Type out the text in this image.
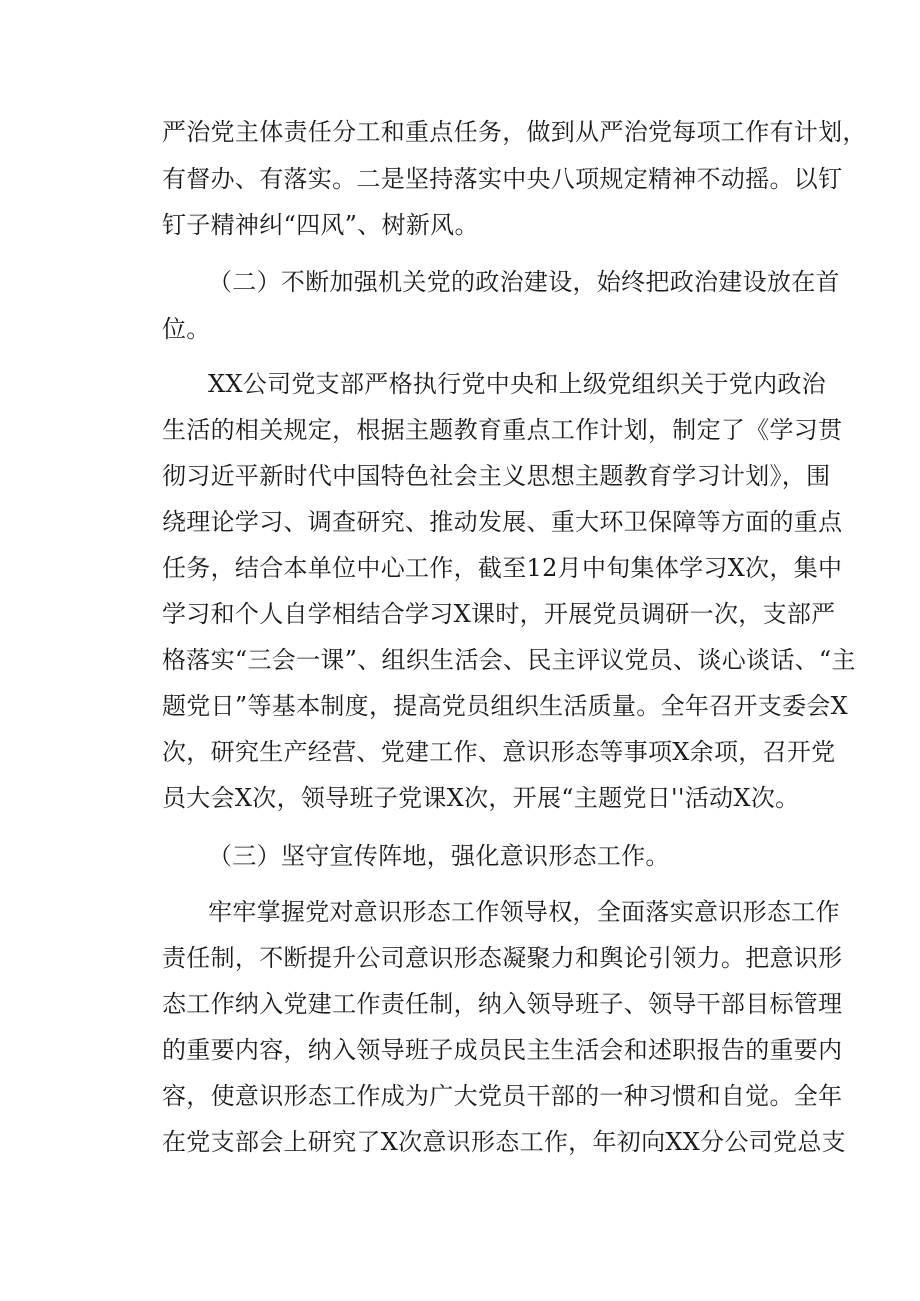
严治党主体责任分工和重点任务，做到从严治党每项工作有计划，
有督办、有落实。二是坚持落实中央八项规定精神不动摇。以钉
钉子精神纠“四风”、树新风。
（二）不断加强机关党的政治建设，始终把政治建设放在首
位。
XX公司党支部严格执行党中央和上级党组织关于党内政治
生活的相关规定，根据主题教育重点工作计划，制定了《学习贯
彻习近平新时代中国特色社会主义思想主题教育学习计划》，围
绕理论学习、调查研究、推动发展、重大环卫保障等方面的重点
任务，结合本单位中心工作，截至12月中旬集体学习X次，集中
学习和个人自学相结合学习X课时，开展党员调研一次，支部严
格落实“三会一课”、组织生活会、民主评议党员、谈心谈话、“主
题党日”等基本制度，提高党员组织生活质量。全年召开支委会X
次，研究生产经营、党建工作、意识形态等事项X余项，召开党
员大会X次，领导班子党课X次，开展“主题党日''活动X次。
（三）坚守宣传阵地，强化意识形态工作。
牢牢掌握党对意识形态工作领导权，全面落实意识形态工作
责任制，不断提升公司意识形态凝聚力和舆论引领力。把意识形
态工作纳入党建工作责任制，纳入领导班子、领导干部目标管理
的重要内容，纳入领导班子成员民主生活会和述职报告的重要内
容，使意识形态工作成为广大党员干部的一种习惯和自觉。全年
在党支部会上研究了X次意识形态工作，年初向XX分公司党总支
